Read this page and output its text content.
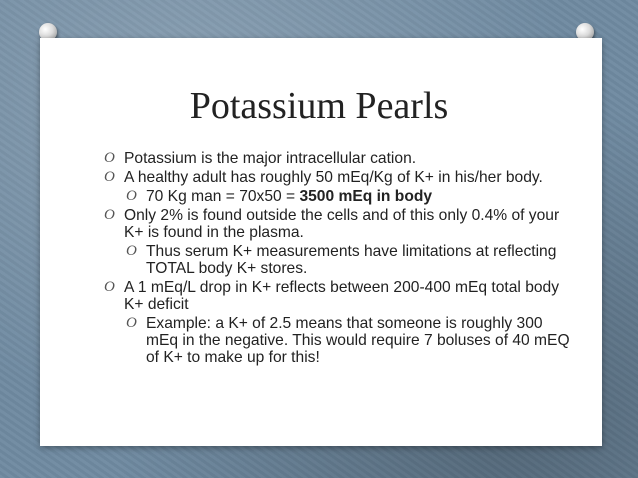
Potassium Pearls
O Potassium is the major intracellular cation.
O A healthy adult has roughly 50 mEq/Kg of K+ in his/her body.
O 70 Kg man = 70x50 = 3500 mEq in body
O Only 2% is found outside the cells and of this only 0.4% of your K+ is found in the plasma.
O Thus serum K+ measurements have limitations at reflecting TOTAL body K+ stores.
O A 1 mEq/L drop in K+ reflects between 200-400 mEq total body K+ deficit
O Example: a K+ of 2.5 means that someone is roughly 300 mEq in the negative. This would require 7 boluses of 40 mEQ of K+ to make up for this!
